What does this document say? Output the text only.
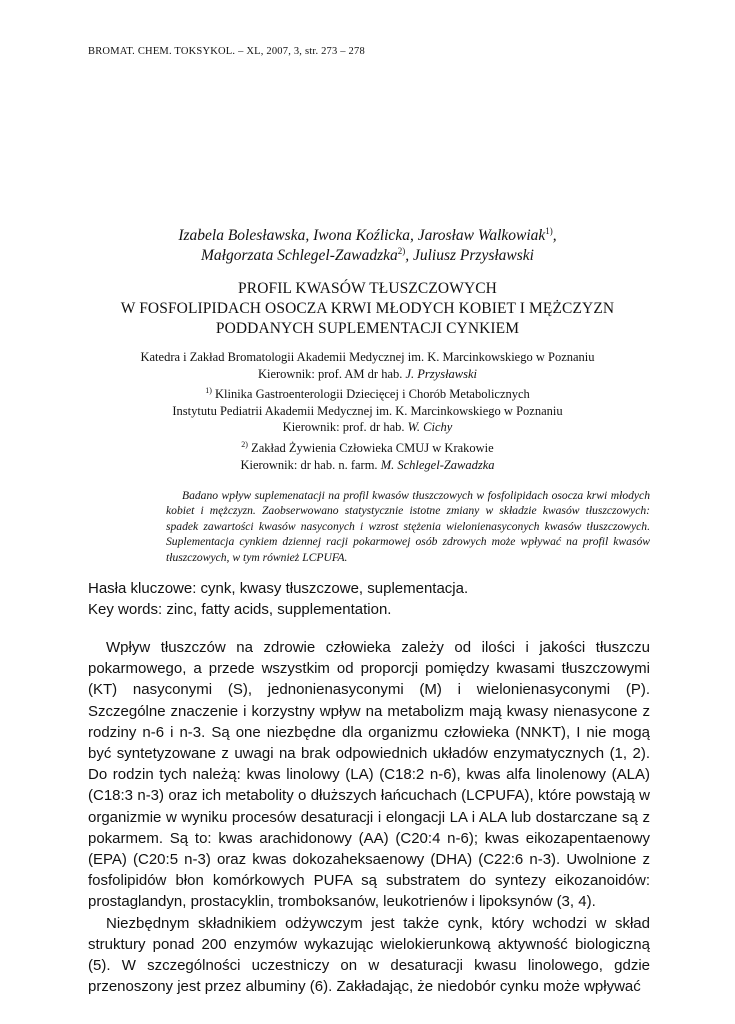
BROMAT. CHEM. TOKSYKOL. – XL, 2007, 3, str. 273 – 278
Izabela Bolesławska, Iwona Koźlicka, Jarosław Walkowiak$^{1)}$,
Małgorzata Schlegel-Zawadzka$^{2)}$, Juliusz Przysławski
PROFIL KWASÓW TŁUSZCZOWYCH
W FOSFOLIPIDACH OSOCZA KRWI MŁODYCH KOBIET I MĘŻCZYZN
PODDANYCH SUPLEMENTACJI CYNKIEM
Katedra i Zakład Bromatologii Akademii Medycznej im. K. Marcinkowskiego w Poznaniu
Kierownik: prof. AM dr hab. J. Przysławski
$^{1)}$ Klinika Gastroenterologii Dziecięcej i Chorób Metabolicznych
Instytutu Pediatrii Akademii Medycznej im. K. Marcinkowskiego w Poznaniu
Kierownik: prof. dr hab. W. Cichy
$^{2)}$ Zakład Żywienia Człowieka CMUJ w Krakowie
Kierownik: dr hab. n. farm. M. Schlegel-Zawadzka
Badano wpływ suplemenatacji na profil kwasów tłuszczowych w fosfolipidach osocza krwi młodych kobiet i mężczyzn. Zaobserwowano statystycznie istotne zmiany w składzie kwasów tłuszczowych: spadek zawartości kwasów nasyconych i wzrost stężenia wielonienasyconych kwasów tłuszczowych. Suplementacja cynkiem dziennej racji pokarmowej osób zdrowych może wpływać na profil kwasów tłuszczowych, w tym również LCPUFA.
Hasła kluczowe: cynk, kwasy tłuszczowe, suplementacja.
Key words: zinc, fatty acids, supplementation.

Wpływ tłuszczów na zdrowie człowieka zależy od ilości i jakości tłuszczu pokarmowego, a przede wszystkim od proporcji pomiędzy kwasami tłuszczowymi (KT) nasyconymi (S), jednonienasyconymi (M) i wielonienasyconymi (P). Szczególne znaczenie i korzystny wpływ na metabolizm mają kwasy nienasycone z rodziny n-6 i n-3. Są one niezbędne dla organizmu człowieka (NNKT), I nie mogą być syntetyzowane z uwagi na brak odpowiednich układów enzymatycznych (1, 2). Do rodzin tych należą: kwas linolowy (LA) (C18:2 n-6), kwas alfa linolenowy (ALA) (C18:3 n-3) oraz ich metabolity o dłuższych łańcuchach (LCPUFA), które powstają w organizmie w wyniku procesów desaturacji i elongacji LA i ALA lub dostarczane są z pokarmem. Są to: kwas arachidonowy (AA) (C20:4 n-6); kwas eikozapentaenowy (EPA) (C20:5 n-3) oraz kwas dokozaheksaenowy (DHA) (C22:6 n-3). Uwolnione z fosfolipidów błon komórkowych PUFA są substratem do syntezy eikozanoidów: prostaglandyn, prostacyklin, tromboksanów, leukotrienów i lipoksynów (3, 4).

Niezbędnym składnikiem odżywczym jest także cynk, który wchodzi w skład struktury ponad 200 enzymów wykazując wielokierunkową aktywność biologiczną (5). W szczególności uczestniczy on w desaturacji kwasu linolowego, gdzie przenoszony jest przez albuminy (6). Zakładając, że niedobór cynku może wpływać
